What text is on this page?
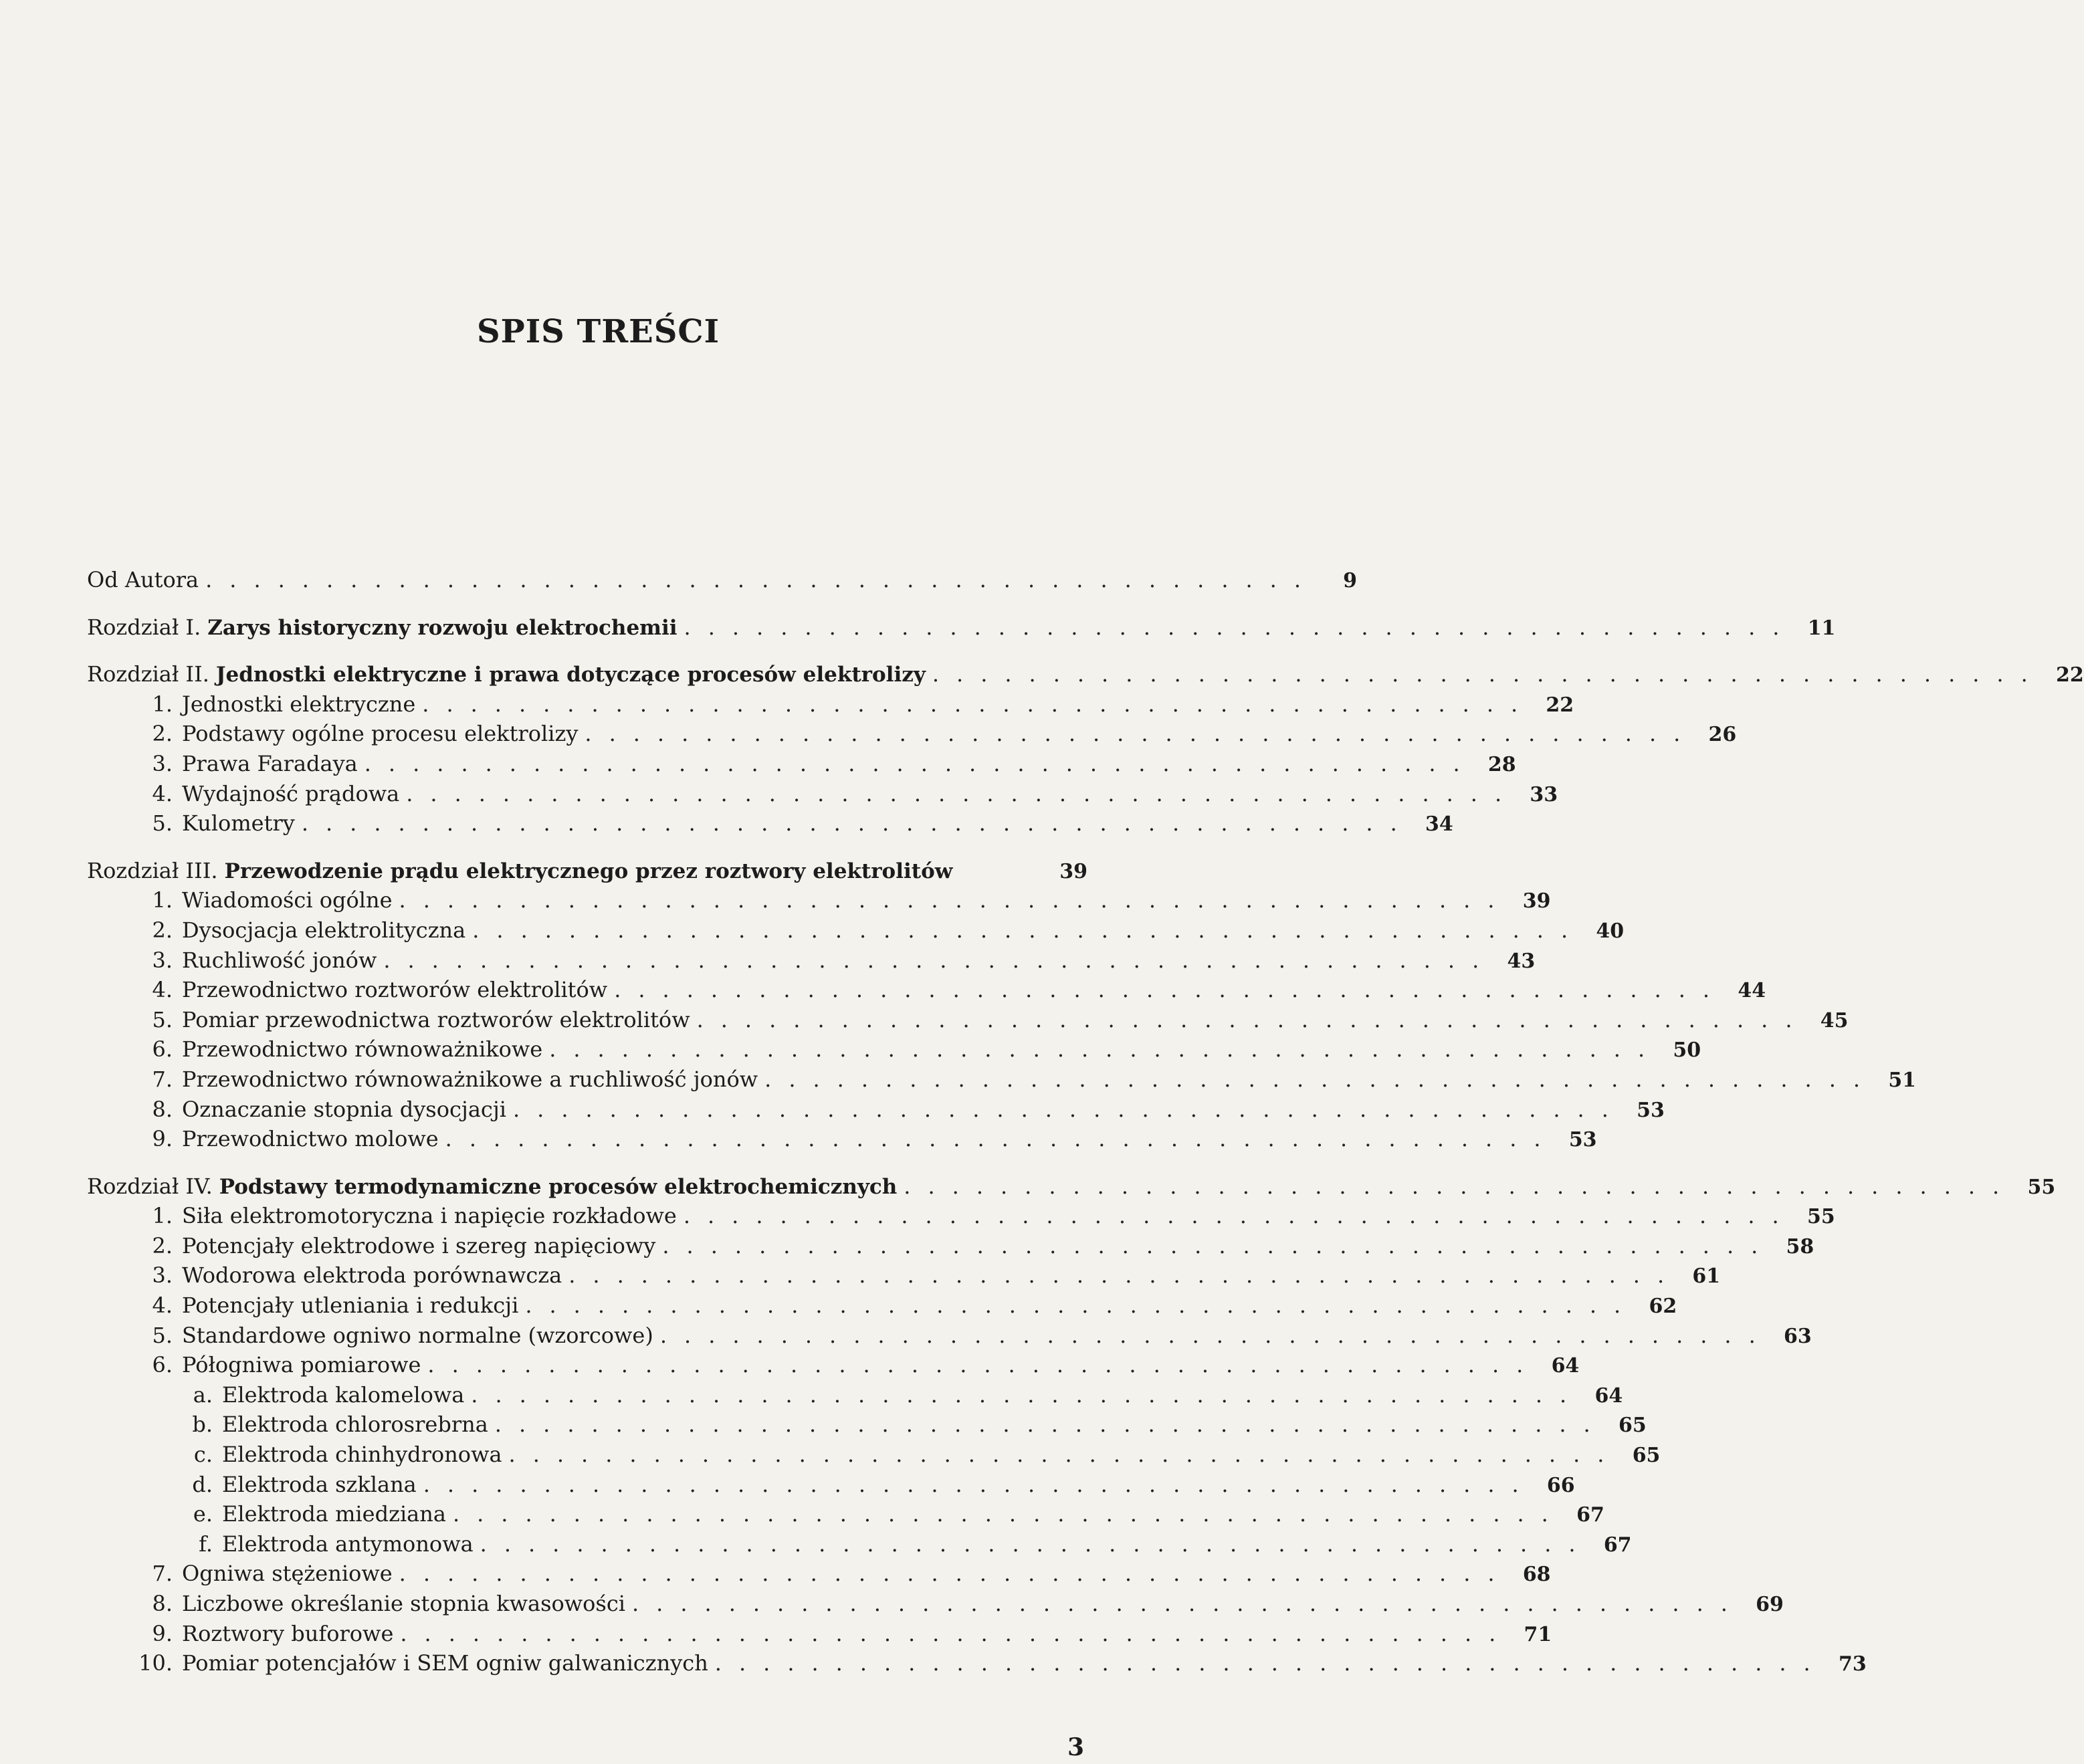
SPIS TREŚCI
Od Autora ..............................................	9
Rozdział I. Zarys historyczny rozwoju elektrochemii .............................................. 11
Rozdział II. Jednostki elektryczne i prawa dotyczące procesów elektrolizy .............................................. 22
1. Jednostki elektryczne .............................................. 22
2. Podstawy ogólne procesu elektrolizy .............................................. 26
3. Prawa Faradaya .............................................. 28
4. Wydajność prądowa .............................................. 33
5. Kulometry .............................................. 34
Rozdział III. Przewodzenie prądu elektrycznego przez roztwory elektrolitów	39
1. Wiadomości ogólne .............................................. 39
2. Dysocjacja elektrolityczna .............................................. 40
3. Ruchliwość jonów .............................................. 43
4. Przewodnictwo roztworów elektrolitów .............................................. 44
5. Pomiar przewodnictwa roztworów elektrolitów .............................................. 45
6. Przewodnictwo równoważnikowe .............................................. 50
7. Przewodnictwo równoważnikowe a ruchliwość jonów .............................................. 51
8. Oznaczanie stopnia dysocjacji .............................................. 53
9. Przewodnictwo molowe .............................................. 53
Rozdział IV. Podstawy termodynamiczne procesów elektrochemicznych .............................................. 55
1. Siła elektromotoryczna i napięcie rozkładowe .............................................. 55
2. Potencjały elektrodowe i szereg napięciowy .............................................. 58
3. Wodorowa elektroda porównawcza .............................................. 61
4. Potencjały utleniania i redukcji .............................................. 62
5. Standardowe ogniwo normalne (wzorcowe) .............................................. 63
6. Półogniwa pomiarowe .............................................. 64
a. Elektroda kalomelowa .............................................. 64
b. Elektroda chlorosrebrna .............................................. 65
c. Elektroda chinhydronowa .............................................. 65
d. Elektroda szklana .............................................. 66
e. Elektroda miedziana .............................................. 67
f. Elektroda antymonowa .............................................. 67
7. Ogniwa stężeniowe .............................................. 68
8. Liczbowe określanie stopnia kwasowości .............................................. 69
9. Roztwory buforowe .............................................. 71
10. Pomiar potencjałów i SEM ogniw galwanicznych .............................................. 73
3
